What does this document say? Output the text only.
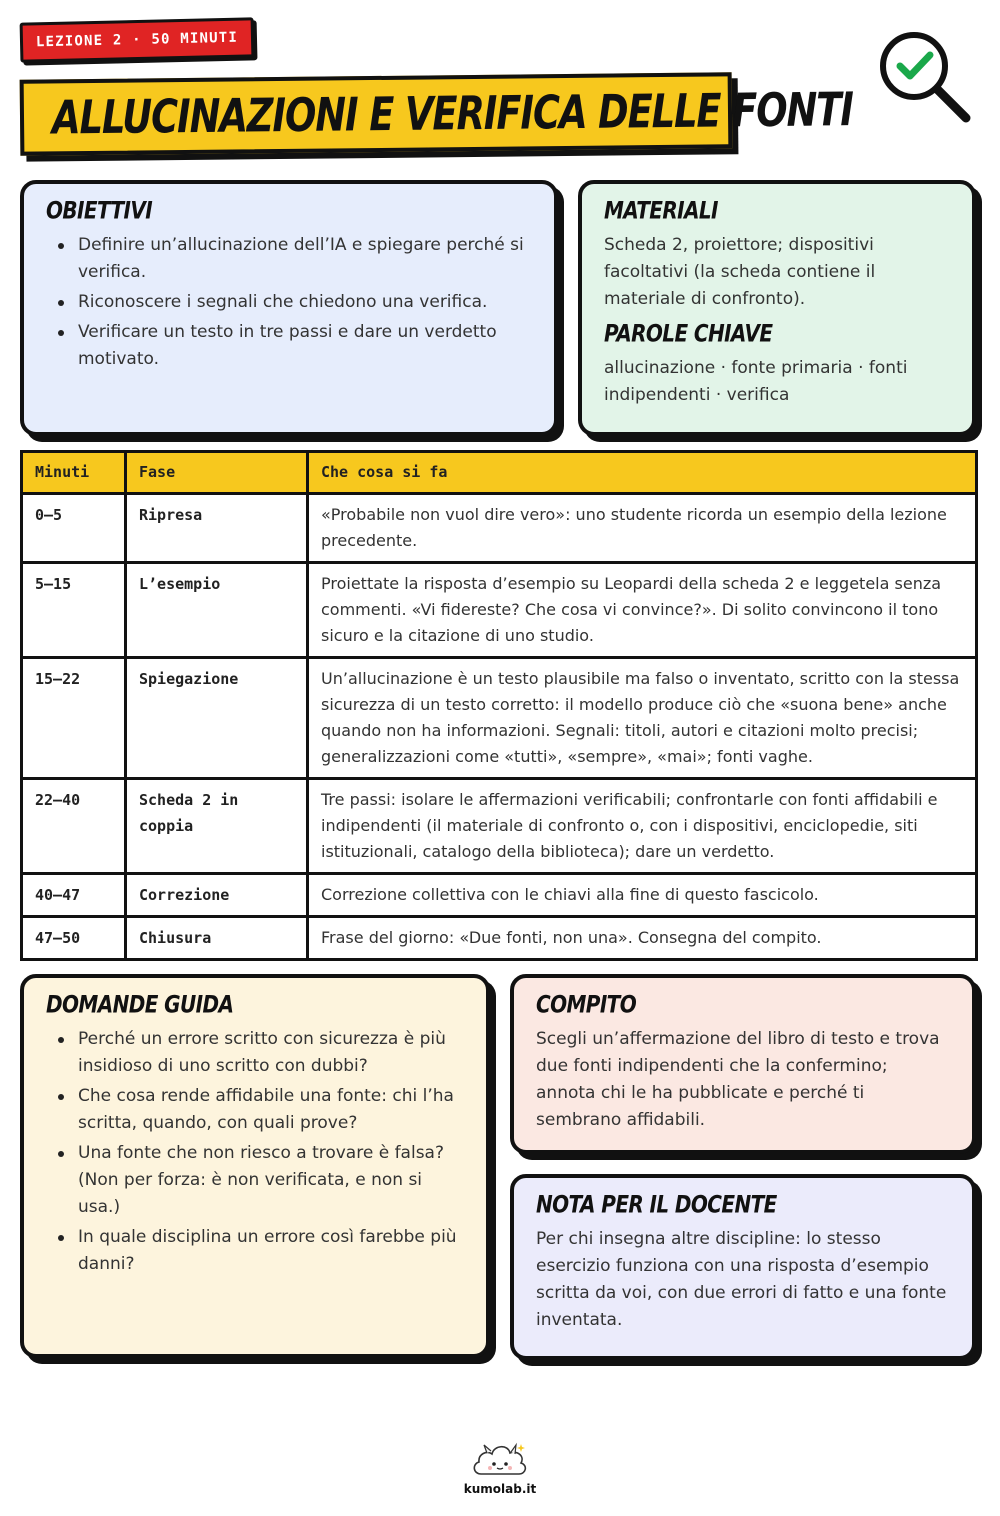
LEZIONE 2 · 50 MINUTI
ALLUCINAZIONI E VERIFICA DELLE FONTI
OBIETTIVI
Definire un’allucinazione dell’IA e spiegare perché si verifica.
Riconoscere i segnali che chiedono una verifica.
Verificare un testo in tre passi e dare un verdetto motivato.
MATERIALI

Scheda 2, proiettore; dispositivi facoltativi (la scheda contiene il materiale di confronto).

PAROLE CHIAVE

allucinazione · fonte primaria · fonti indipendenti · verifica

Minuti	Fase	Che cosa si fa
0–5	Ripresa	«Probabile non vuol dire vero»: uno studente ricorda un esempio della lezione precedente.
5–15	L’esempio	Proiettate la risposta d’esempio su Leopardi della scheda 2 e leggetela senza commenti. «Vi fidereste? Che cosa vi convince?». Di solito convincono il tono sicuro e la citazione di uno studio.
15–22	Spiegazione	Un’allucinazione è un testo plausibile ma falso o inventato, scritto con la stessa sicurezza di un testo corretto: il modello produce ciò che «suona bene» anche quando non ha informazioni. Segnali: titoli, autori e citazioni molto precisi; generalizzazioni come «tutti», «sempre», «mai»; fonti vaghe.
22–40	Scheda 2 in coppia	Tre passi: isolare le affermazioni verificabili; confrontarle con fonti affidabili e indipendenti (il materiale di confronto o, con i dispositivi, enciclopedie, siti istituzionali, catalogo della biblioteca); dare un verdetto.
40–47	Correzione	Correzione collettiva con le chiavi alla fine di questo fascicolo.
47–50	Chiusura	Frase del giorno: «Due fonti, non una». Consegna del compito.
DOMANDE GUIDA
Perché un errore scritto con sicurezza è più insidioso di uno scritto con dubbi?
Che cosa rende affidabile una fonte: chi l’ha scritta, quando, con quali prove?
Una fonte che non riesco a trovare è falsa? (Non per forza: è non verificata, e non si usa.)
In quale disciplina un errore così farebbe più danni?
COMPITO

Scegli un’affermazione del libro di testo e trova due fonti indipendenti che la confermino; annota chi le ha pubblicate e perché ti sembrano affidabili.

NOTA PER IL DOCENTE

Per chi insegna altre discipline: lo stesso esercizio funziona con una risposta d’esempio scritta da voi, con due errori di fatto e una fonte inventata.

kumolab.it
